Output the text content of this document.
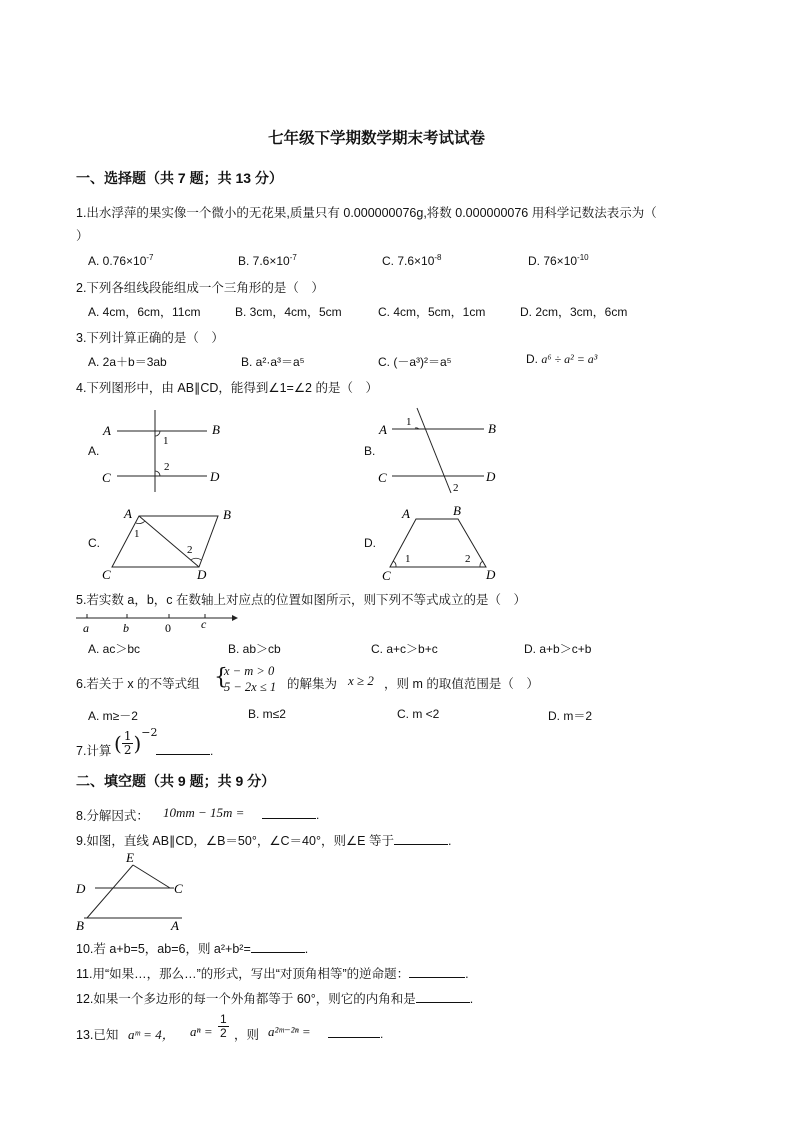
七年级下学期数学期末考试试卷
一、选择题（共 7 题；共 13 分）
1.出水浮萍的果实像一个微小的无花果,质量只有 0.000000076g,将数 0.000000076 用科学记数法表示为（
）
A. $0.76\times 10^{-7}$	B. $7.6\times 10^{-7}$	C. $7.6\times 10^{-8}$	D. $76\times 10^{-10}$
2.下列各组线段能组成一个三角形的是（　）
A. 4cm，6cm，11cm	B. 3cm，4cm，5cm	C. 4cm，5cm，1cm	D. 2cm，3cm，6cm
3.下列计算正确的是（　）
A. 2a＋b＝3ab	B. a²·a³＝a⁵	C. (－a³)²＝a⁵	D. a⁶ ÷ a² = a³
4.下列图形中，由 AB∥CD，能得到∠1=∠2 的是（　）
A.
A	B
C	D
1
2
B.
A	B
C	D
1
2
C.
A	B
C	D
1
2	D.
A	B
C	D
1	2
5.若实数 a，b，c 在数轴上对应点的位置如图所示，则下列不等式成立的是（　）
a	b	0	c
A. ac＞bc	B. ab＞cb	C. a+c＞b+c	D. a+b＞c+b
6.若关于 x 的不等式组 {
x − m > 0
5 − 2x ≤ 1 的解集为 x ≥ 2 ，则 m 的取值范围是（　）
A. m≥－2	B. m≤2	C. m <2	D. m＝2
7.计算 ( $\frac{1}{2} )^{-2}$
.
二、填空题（共 9 题；共 9 分）
8.分解因式： 10mm − 15m =	.
9.如图，直线 AB∥CD，∠B＝50°，∠C＝40°，则∠E 等于	.
E
D	C
B	A
10.若 a+b=5，ab=6，则 a²+b²=	.
11.用“如果…，那么…”的形式，写出“对顶角相等”的逆命题：	.
12.如果一个多边形的每一个外角都等于 60°，则它的内角和是	.
13.已知 aᵐ = 4， $a^n = \frac{1}{2}$ ，则 a²ᵐ⁻²ⁿ =	.
